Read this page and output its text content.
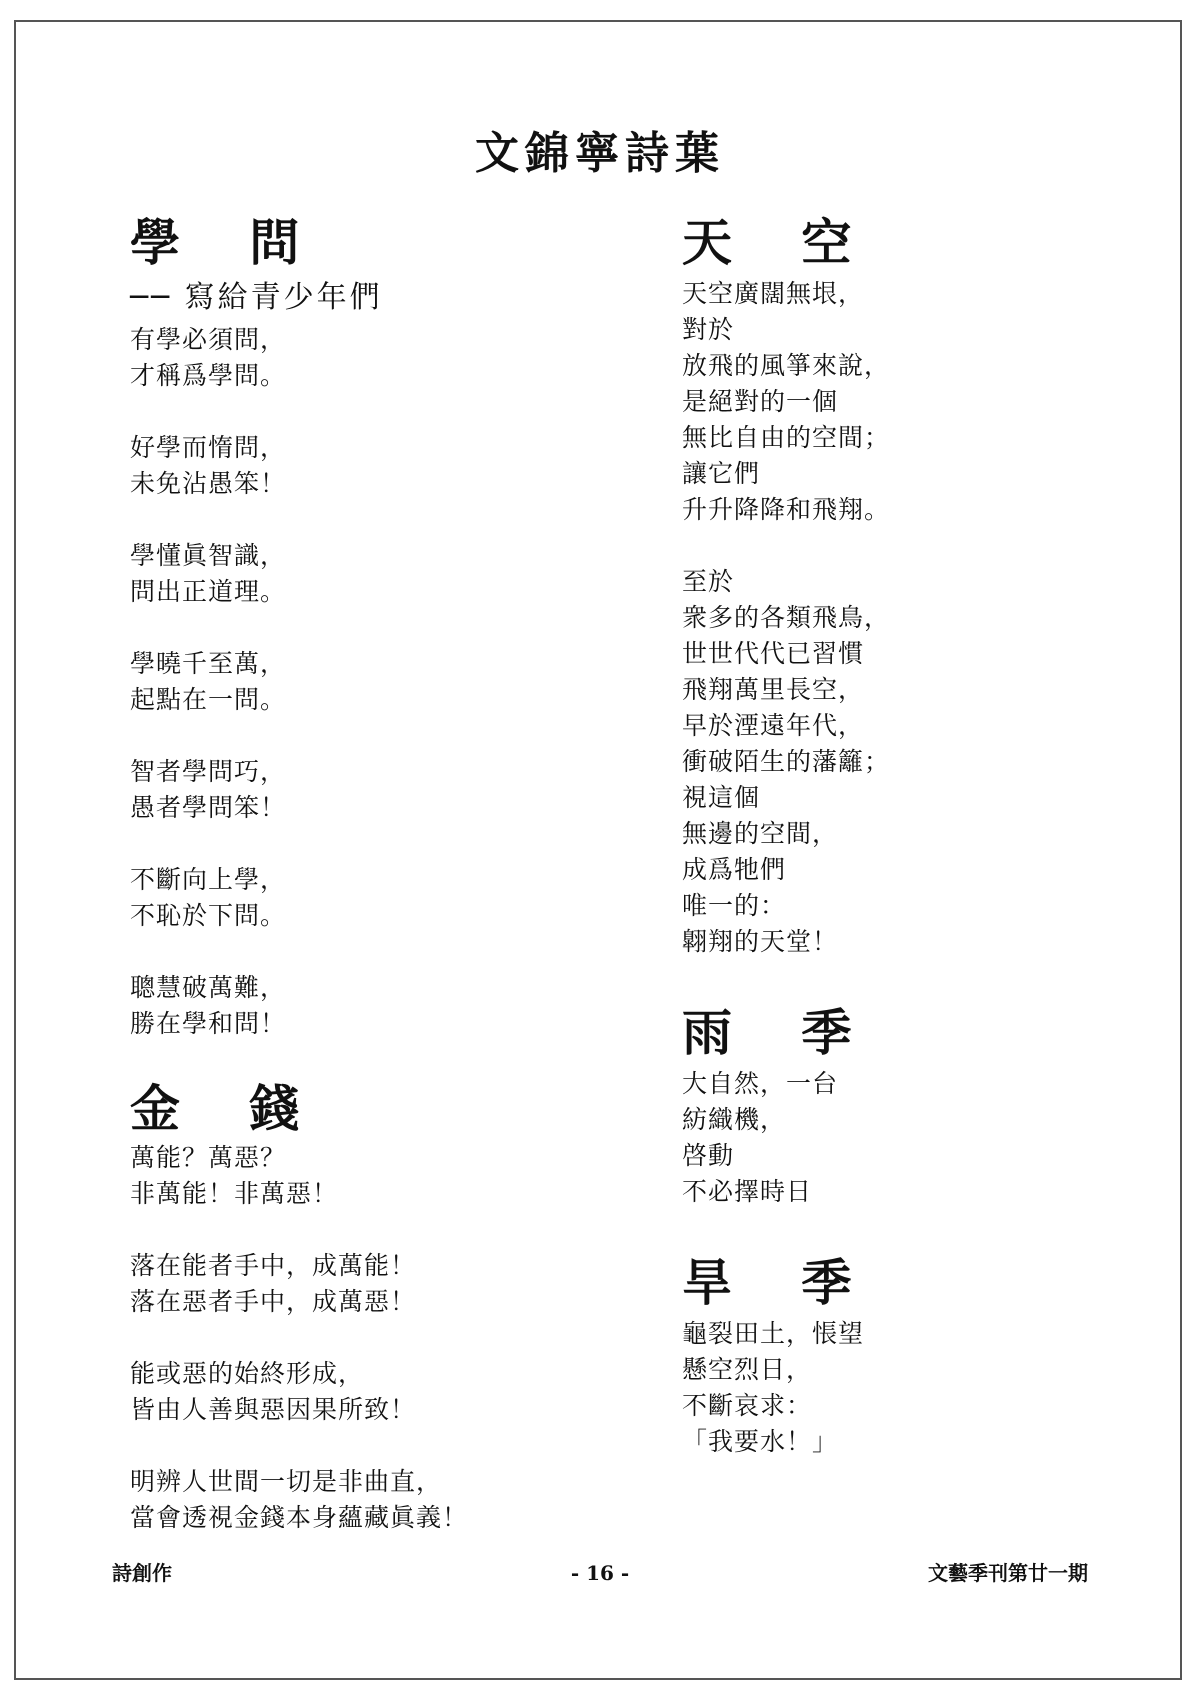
文錦寧詩葉
學 問
── 寫給青少年們
有學必須問，
才稱爲學問。
好學而惰問，
未免沾愚笨！
學懂眞智識，
問出正道理。
學曉千至萬，
起點在一問。
智者學問巧，
愚者學問笨！
不斷向上學，
不恥於下問。
聰慧破萬難，
勝在學和問！
金 錢
萬能？萬惡？
非萬能！非萬惡！
落在能者手中，成萬能！
落在惡者手中，成萬惡！
能或惡的始終形成，
皆由人善與惡因果所致！
明辨人世間一切是非曲直，
當會透視金錢本身蘊藏眞義！
天 空
天空廣闊無垠，
對於
放飛的風箏來說，
是絕對的一個
無比自由的空間；
讓它們
升升降降和飛翔。
至於
衆多的各類飛鳥，
世世代代已習慣
飛翔萬里長空，
早於湮遠年代，
衝破陌生的藩籬；
視這個
無邊的空間，
成爲牠們
唯一的：
翺翔的天堂！
雨 季
大自然，一台
紡織機，
啓動
不必擇時日
旱 季
龜裂田土，悵望
懸空烈日，
不斷哀求：
「我要水！」
詩創作	- 16 -	文藝季刊第廿一期
